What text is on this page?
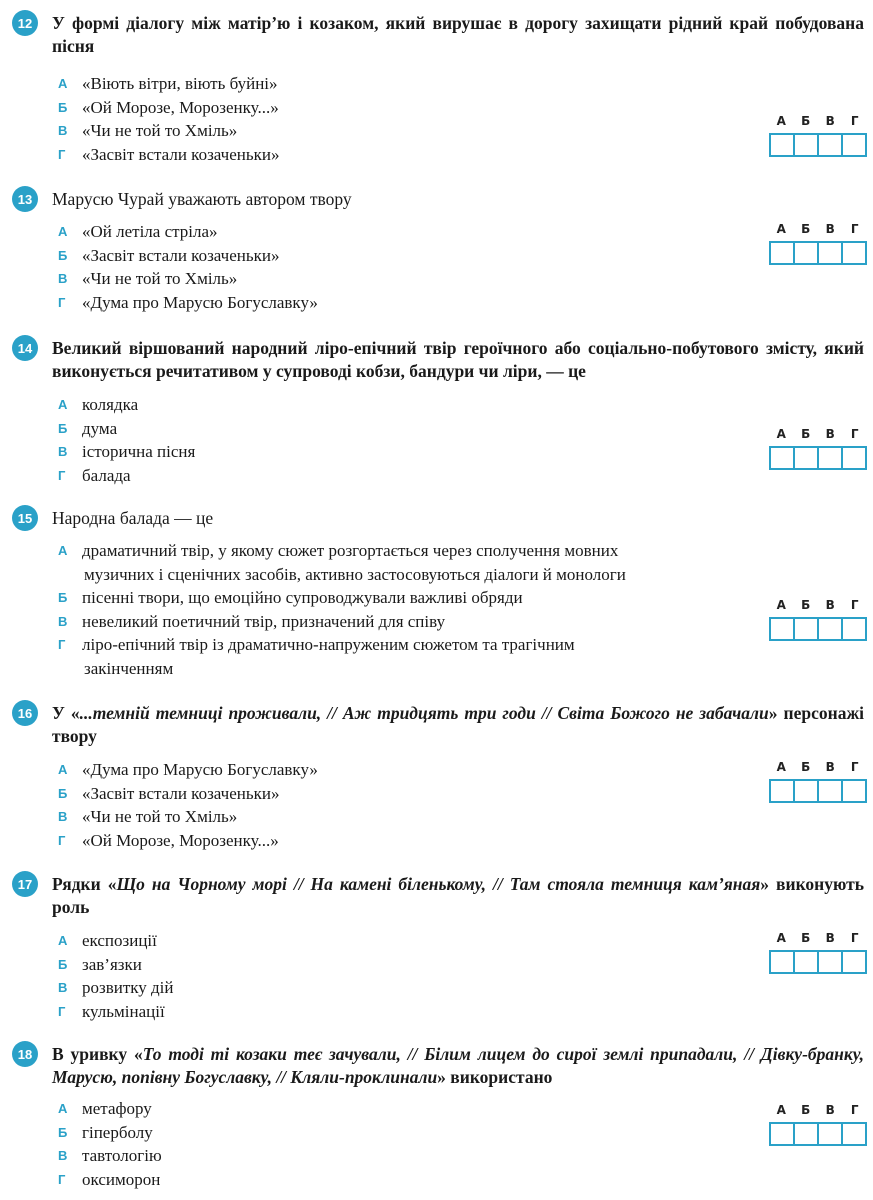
12	У формі діалогу між матір’ю і козаком, який вирушає в дорогу захищати рідний край побудована пісня
А «Віють вітри, віють буйні»
Б «Ой Морозе, Морозенку...»
В «Чи не той то Хміль»
Г «Засвіт встали козаченьки»
А	Б	В	Г
13	Марусю Чурай уважають автором твору
А «Ой летіла стріла»
Б «Засвіт встали козаченьки»
В «Чи не той то Хміль»
Г «Дума про Марусю Богуславку»
А	Б	В	Г
14	Великий віршований народний ліро-епічний твір героїчного або соціально-побутового змісту, який виконується речитативом у супроводі кобзи, бандури чи ліри, — це
А колядка
Б дума
В історична пісня
Г балада
А	Б	В	Г
15	Народна балада — це
А драматичний твір, у якому сюжет розгортається через сполучення мовних
музичних і сценічних засобів, активно застосовуються діалоги й монологи
Б пісенні твори, що емоційно супроводжували важливі обряди
В невеликий поетичний твір, призначений для співу
Г ліро-епічний твір із драматично-напруженим сюжетом та трагічним
закінченням
А	Б	В	Г
16	У «...темній темниці проживали, // Аж тридцять три годи // Світа Божого не забачали» персонажі твору
А «Дума про Марусю Богуславку»
Б «Засвіт встали козаченьки»
В «Чи не той то Хміль»
Г «Ой Морозе, Морозенку...»
А	Б	В	Г
17	Рядки «Що на Чорному морі // На камені біленькому, // Там стояла темниця кам’яная» виконують роль
А експозиції
Б зав’язки
В розвитку дій
Г кульмінації
А	Б	В	Г
18	В уривку «То тоді ті козаки теє зачували, // Білим лицем до сирої землі припадали, // Дівку-бранку, Марусю, попівну Богуславку, // Кляли-проклинали» використано
А метафору
Б гіперболу
В тавтологію
Г оксиморон
А	Б	В	Г
